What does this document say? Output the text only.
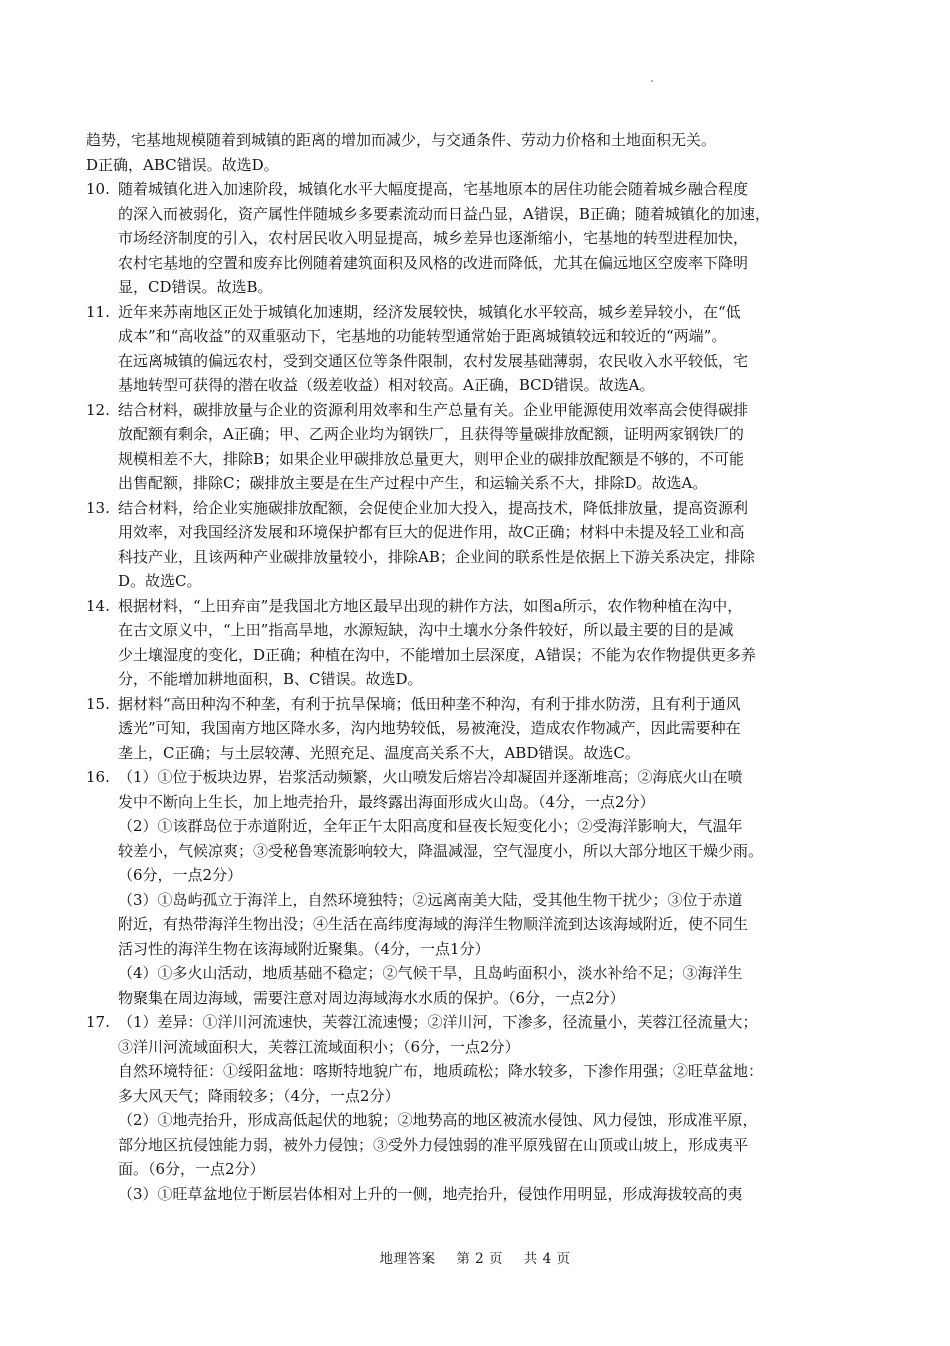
趋势，宅基地规模随着到城镇的距离的增加而减少，与交通条件、劳动力价格和土地面积无关。
D正确，ABC错误。故选D。
10. 随着城镇化进入加速阶段，城镇化水平大幅度提高，宅基地原本的居住功能会随着城乡融合程度
的深入而被弱化，资产属性伴随城乡多要素流动而日益凸显，A错误，B正确；随着城镇化的加速，
市场经济制度的引入，农村居民收入明显提高，城乡差异也逐渐缩小，宅基地的转型进程加快，
农村宅基地的空置和废弃比例随着建筑面积及风格的改进而降低，尤其在偏远地区空废率下降明
显，CD错误。故选B。
11. 近年来苏南地区正处于城镇化加速期，经济发展较快，城镇化水平较高，城乡差异较小，在“低
成本”和“高收益”的双重驱动下，宅基地的功能转型通常始于距离城镇较远和较近的“两端”。
在远离城镇的偏远农村，受到交通区位等条件限制，农村发展基础薄弱，农民收入水平较低，宅
基地转型可获得的潜在收益（级差收益）相对较高。A正确，BCD错误。故选A。
12. 结合材料，碳排放量与企业的资源利用效率和生产总量有关。企业甲能源使用效率高会使得碳排
放配额有剩余，A正确；甲、乙两企业均为钢铁厂，且获得等量碳排放配额，证明两家钢铁厂的
规模相差不大，排除B；如果企业甲碳排放总量更大，则甲企业的碳排放配额是不够的，不可能
出售配额，排除C；碳排放主要是在生产过程中产生，和运输关系不大，排除D。故选A。
13. 结合材料，给企业实施碳排放配额，会促使企业加大投入，提高技术，降低排放量，提高资源利
用效率，对我国经济发展和环境保护都有巨大的促进作用，故C正确；材料中未提及轻工业和高
科技产业，且该两种产业碳排放量较小，排除AB；企业间的联系性是依据上下游关系决定，排除
D。故选C。
14. 根据材料，“上田弃亩”是我国北方地区最早出现的耕作方法，如图a所示，农作物种植在沟中，
在古文原义中，“上田”指高旱地，水源短缺，沟中土壤水分条件较好，所以最主要的目的是减
少土壤湿度的变化，D正确；种植在沟中，不能增加土层深度，A错误；不能为农作物提供更多养
分，不能增加耕地面积，B、C错误。故选D。
15. 据材料“高田种沟不种垄，有利于抗旱保墒；低田种垄不种沟，有利于排水防涝，且有利于通风
透光”可知，我国南方地区降水多，沟内地势较低，易被淹没，造成农作物减产，因此需要种在
垄上，C正确；与土层较薄、光照充足、温度高关系不大，ABD错误。故选C。
16. （1）①位于板块边界，岩浆活动频繁，火山喷发后熔岩冷却凝固并逐渐堆高；②海底火山在喷
发中不断向上生长，加上地壳抬升，最终露出海面形成火山岛。（4分，一点2分）
（2）①该群岛位于赤道附近，全年正午太阳高度和昼夜长短变化小；②受海洋影响大，气温年
较差小，气候凉爽；③受秘鲁寒流影响较大，降温减湿，空气湿度小，所以大部分地区干燥少雨。
（6分，一点2分）
（3）①岛屿孤立于海洋上，自然环境独特；②远离南美大陆，受其他生物干扰少；③位于赤道
附近，有热带海洋生物出没；④生活在高纬度海域的海洋生物顺洋流到达该海域附近，使不同生
活习性的海洋生物在该海域附近聚集。（4分，一点1分）
（4）①多火山活动，地质基础不稳定；②气候干旱，且岛屿面积小，淡水补给不足；③海洋生
物聚集在周边海域，需要注意对周边海域海水水质的保护。（6分，一点2分）
17. （1）差异：①洋川河流速快，芙蓉江流速慢；②洋川河，下渗多，径流量小，芙蓉江径流量大；
③洋川河流域面积大，芙蓉江流域面积小；（6分，一点2分）
自然环境特征：①绥阳盆地：喀斯特地貌广布，地质疏松；降水较多，下渗作用强；②旺草盆地：
多大风天气；降雨较多；（4分，一点2分）
（2）①地壳抬升，形成高低起伏的地貌；②地势高的地区被流水侵蚀、风力侵蚀，形成准平原，
部分地区抗侵蚀能力弱，被外力侵蚀；③受外力侵蚀弱的准平原残留在山顶或山坡上，形成夷平
面。（6分，一点2分）
（3）①旺草盆地位于断层岩体相对上升的一侧，地壳抬升，侵蚀作用明显，形成海拔较高的夷
地理答案 第 2 页 共 4 页
